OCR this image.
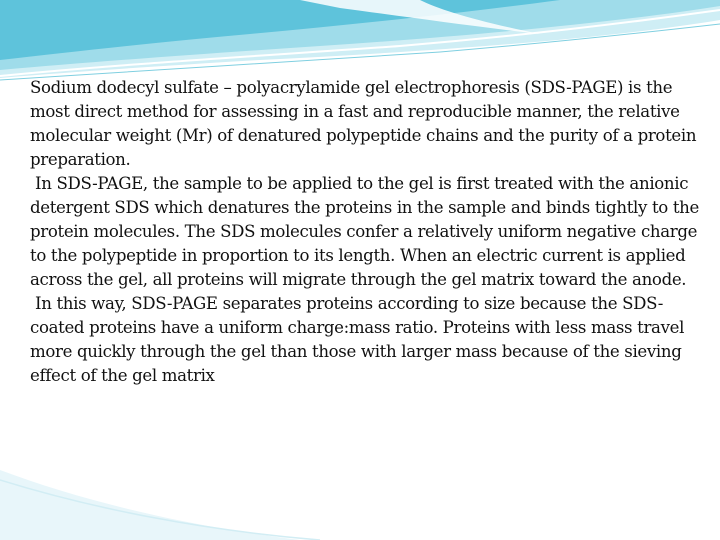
Sodium dodecyl sulfate – polyacrylamide gel electrophoresis (SDS-PAGE) is the most direct method for assessing in a fast and reproducible manner, the relative molecular weight (Mr) of denatured polypeptide chains and the purity of a protein preparation.

In SDS-PAGE, the sample to be applied to the gel is first treated with the anionic detergent SDS which denatures the proteins in the sample and binds tightly to the protein molecules. The SDS molecules confer a relatively uniform negative charge to the polypeptide in proportion to its length. When an electric current is applied across the gel, all proteins will migrate through the gel matrix toward the anode.

In this way, SDS-PAGE separates proteins according to size because the SDS-coated proteins have a uniform charge:mass ratio. Proteins with less mass travel more quickly through the gel than those with larger mass because of the sieving effect of the gel matrix
